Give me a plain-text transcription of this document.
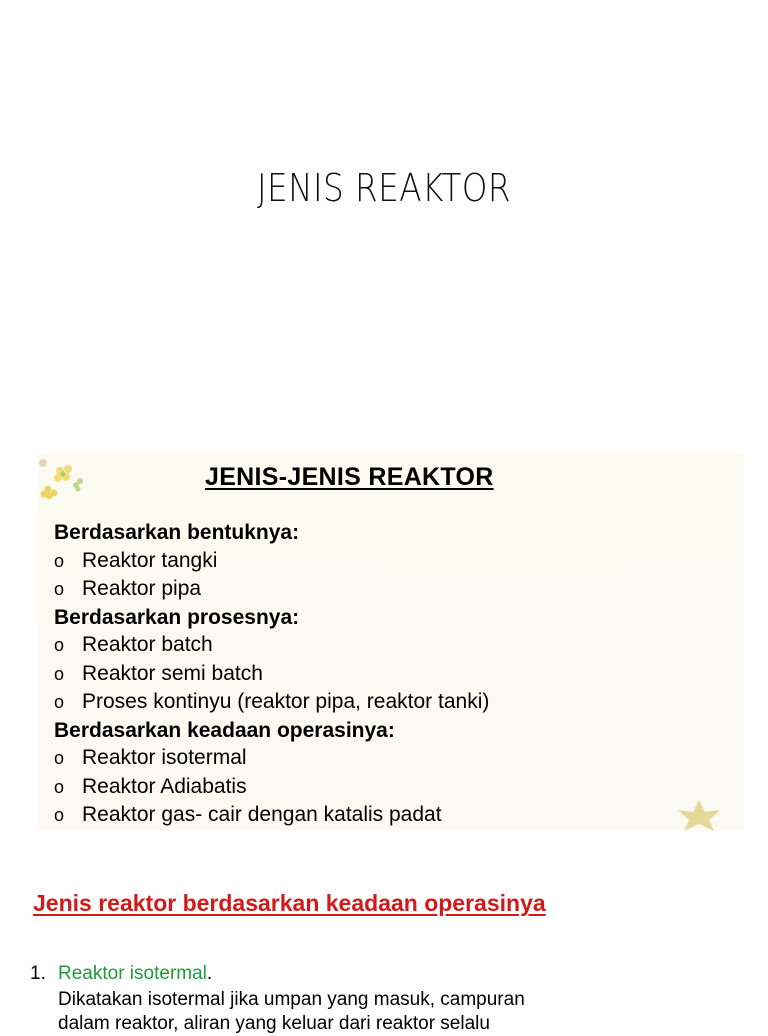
JENIS REAKTOR
JENIS-JENIS REAKTOR
Berdasarkan bentuknya:
o Reaktor tangki
o Reaktor pipa
Berdasarkan prosesnya:
o Reaktor batch
o Reaktor semi batch
o Proses kontinyu (reaktor pipa, reaktor tanki)
Berdasarkan keadaan operasinya:
o Reaktor isotermal
o Reaktor Adiabatis
o Reaktor gas- cair dengan katalis padat
Jenis reaktor berdasarkan keadaan operasinya
1. Reaktor isotermal.
Dikatakan isotermal jika umpan yang masuk, campuran
dalam reaktor, aliran yang keluar dari reaktor selalu
